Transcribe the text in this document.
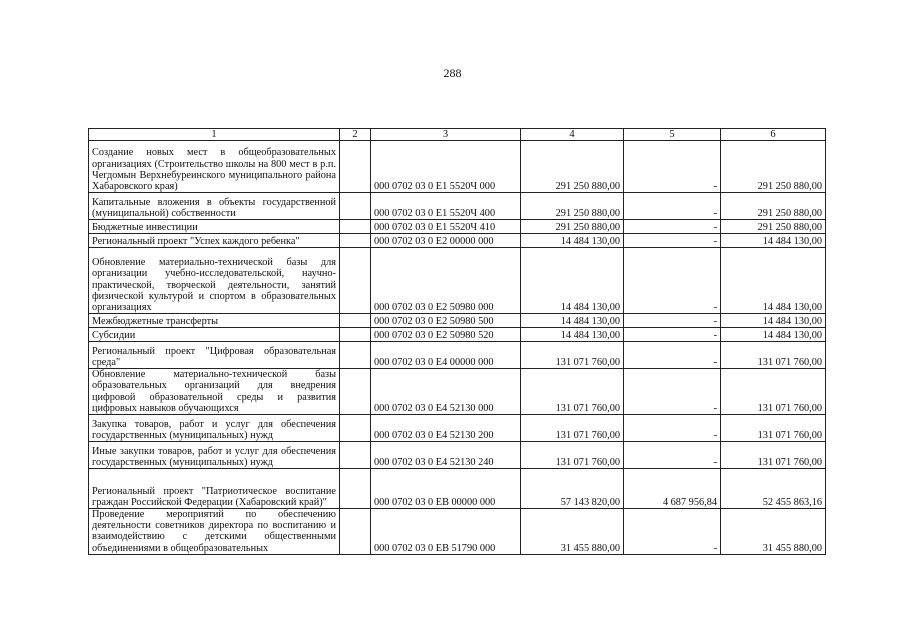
288
1	2	3	4	5	6
Создание новых мест в общеобразовательных организациях (Строительство школы на 800 мест в р.п. Чегдомын Верхнебуреинского муниципального района Хабаровского края)		000 0702 03 0 E1 5520Ч 000	291 250 880,00	-	291 250 880,00
Капитальные вложения в объекты государственной (муниципальной) собственности		000 0702 03 0 E1 5520Ч 400	291 250 880,00	-	291 250 880,00
Бюджетные инвестиции		000 0702 03 0 E1 5520Ч 410	291 250 880,00	-	291 250 880,00
Региональный проект "Успех каждого ребенка"		000 0702 03 0 E2 00000 000	14 484 130,00	-	14 484 130,00
Обновление материально-технической базы для организации учебно-исследовательской, научно-практической, творческой деятельности, занятий физической культурой и спортом в образовательных организациях		000 0702 03 0 E2 50980 000	14 484 130,00	-	14 484 130,00
Межбюджетные трансферты		000 0702 03 0 E2 50980 500	14 484 130,00	-	14 484 130,00
Субсидии		000 0702 03 0 E2 50980 520	14 484 130,00	-	14 484 130,00
Региональный проект "Цифровая образовательная среда"		000 0702 03 0 E4 00000 000	131 071 760,00	-	131 071 760,00
Обновление материально-технической базы образовательных организаций для внедрения цифровой образовательной среды и развития цифровых навыков обучающихся		000 0702 03 0 E4 52130 000	131 071 760,00	-	131 071 760,00
Закупка товаров, работ и услуг для обеспечения государственных (муниципальных) нужд		000 0702 03 0 E4 52130 200	131 071 760,00	-	131 071 760,00
Иные закупки товаров, работ и услуг для обеспечения государственных (муниципальных) нужд		000 0702 03 0 E4 52130 240	131 071 760,00	-	131 071 760,00
Региональный проект "Патриотическое воспитание граждан Российской Федерации (Хабаровский край)"		000 0702 03 0 EB 00000 000	57 143 820,00	4 687 956,84	52 455 863,16
Проведение мероприятий по обеспечению деятельности советников директора по воспитанию и взаимодействию с детскими общественными объединениями в общеобразовательных		000 0702 03 0 EB 51790 000	31 455 880,00	-	31 455 880,00
